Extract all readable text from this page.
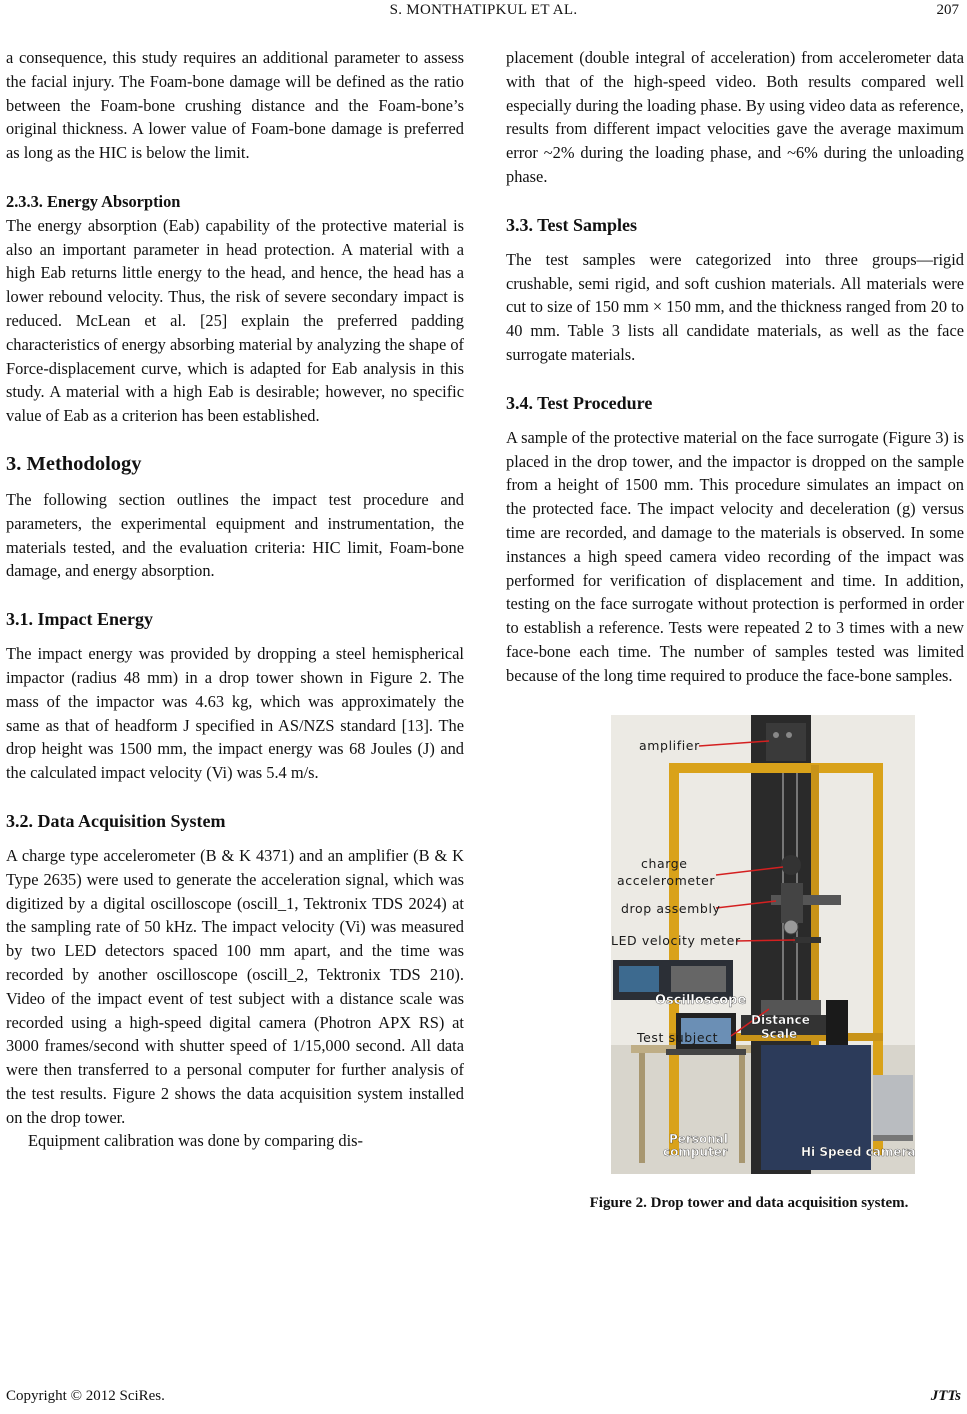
S. MONTHATIPKUL ET AL.	207

a consequence, this study requires an additional parameter to assess the facial injury. The Foam-bone damage will be defined as the ratio between the Foam-bone crushing distance and the Foam-bone’s original thickness. A lower value of Foam-bone damage is preferred as long as the HIC is below the limit.

2.3.3. Energy Absorption

The energy absorption (Eab) capability of the protective material is also an important parameter in head protection. A material with a high Eab returns little energy to the head, and hence, the head has a lower rebound velocity. Thus, the risk of severe secondary impact is reduced. McLean et al. [25] explain the preferred padding characteristics of energy absorbing material by analyzing the shape of Force-displacement curve, which is adapted for Eab analysis in this study. A material with a high Eab is desirable; however, no specific value of Eab as a criterion has been established.

3. Methodology

The following section outlines the impact test procedure and parameters, the experimental equipment and instrumentation, the materials tested, and the evaluation criteria: HIC limit, Foam-bone damage, and energy absorption.

3.1. Impact Energy

The impact energy was provided by dropping a steel hemispherical impactor (radius 48 mm) in a drop tower shown in Figure 2. The mass of the impactor was 4.63 kg, which was approximately the same as that of headform J specified in AS/NZS standard [13]. The drop height was 1500 mm, the impact energy was 68 Joules (J) and the calculated impact velocity (Vi) was 5.4 m/s.

3.2. Data Acquisition System

A charge type accelerometer (B & K 4371) and an amplifier (B & K Type 2635) were used to generate the acceleration signal, which was digitized by a digital oscilloscope (oscill_1, Tektronix TDS 2024) at the sampling rate of 50 kHz. The impact velocity (Vi) was measured by two LED detectors spaced 100 mm apart, and the time was recorded by another oscilloscope (oscill_2, Tektronix TDS 210). Video of the impact event of test subject with a distance scale was recorded using a high-speed digital camera (Photron APX RS) at 3000 frames/second with shutter speed of 1/15,000 second. All data were then transferred to a personal computer for further analysis of the test results. Figure 2 shows the data acquisition system installed on the drop tower.

Equipment calibration was done by comparing dis-

placement (double integral of acceleration) from accelerometer data with that of the high-speed video. Both results compared well especially during the loading phase. By using video data as reference, results from different impact velocities gave the average maximum error ~2% during the loading phase, and ~6% during the unloading phase.

3.3. Test Samples

The test samples were categorized into three groups—rigid crushable, semi rigid, and soft cushion materials. All materials were cut to size of 150 mm × 150 mm, and the thickness ranged from 20 to 40 mm. Table 3 lists all candidate materials, as well as the face surrogate materials.

3.4. Test Procedure

A sample of the protective material on the face surrogate (Figure 3) is placed in the drop tower, and the impactor is dropped on the sample from a height of 1500 mm. This procedure simulates an impact on the protected face. The impact velocity and deceleration (g) versus time are recorded, and damage to the materials is observed. In some instances a high speed camera video recording of the impact was performed for verification of displacement and time. In addition, testing on the face surrogate without protection is performed in order to establish a reference. Tests were repeated 2 to 3 times with a new face-bone each time. The number of samples tested was limited because of the long time required to produce the face-bone samples.

amplifier
charge
accelerometer
drop assembly
LED velocity meter
Oscilloscope
Test subject
Distance
Scale
Personal
computer	Hi Speed camera
Figure 2. Drop tower and data acquisition system.
Copyright © 2012 SciRes.	JTTs
